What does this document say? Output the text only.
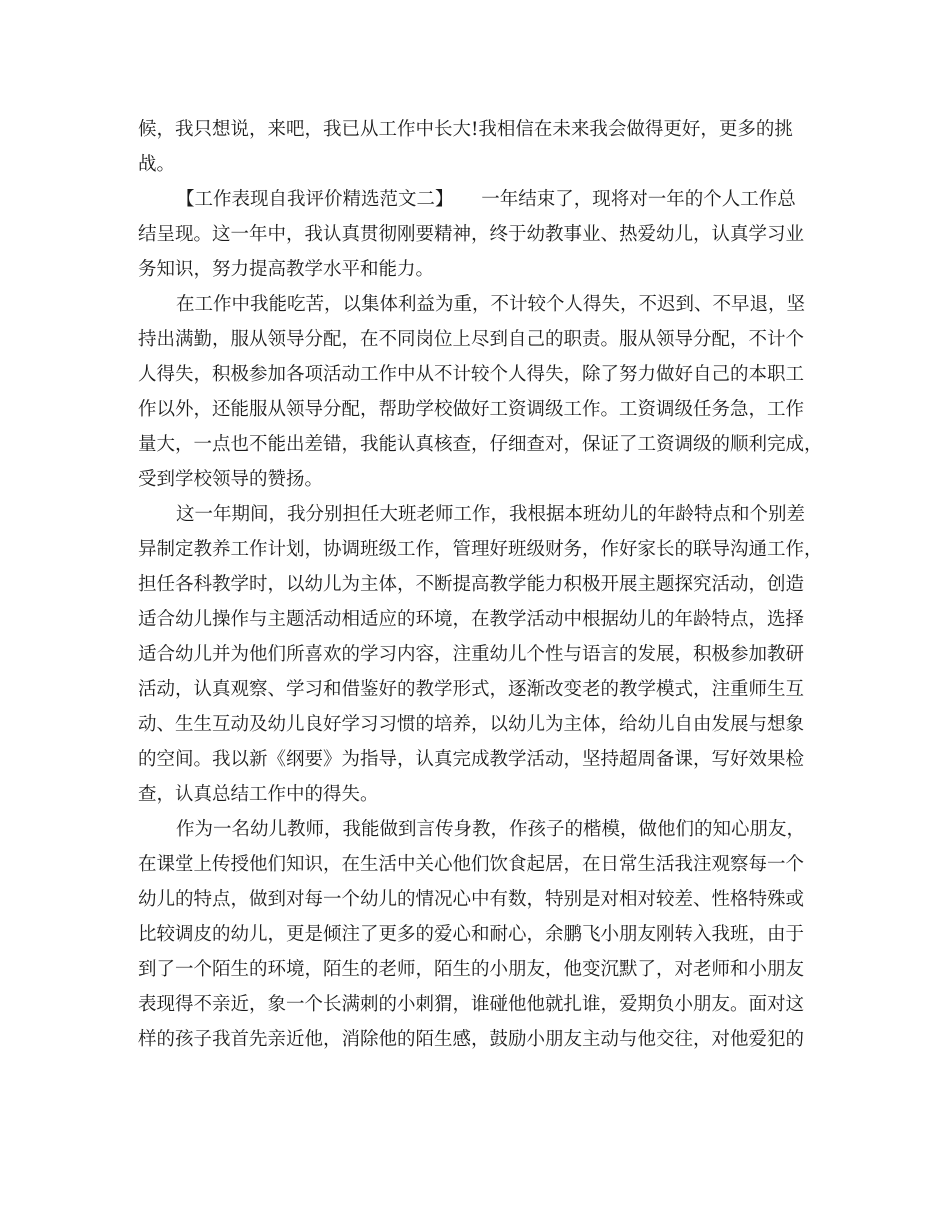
候，我只想说，来吧，我已从工作中长大!我相信在未来我会做得更好，更多的挑
战。
【工作表现自我评价精选范文二】　　一年结束了，现将对一年的个人工作总
结呈现。这一年中，我认真贯彻刚要精神，终于幼教事业、热爱幼儿，认真学习业
务知识，努力提高教学水平和能力。
在工作中我能吃苦，以集体利益为重，不计较个人得失，不迟到、不早退，坚
持出满勤，服从领导分配，在不同岗位上尽到自己的职责。服从领导分配，不计个
人得失，积极参加各项活动工作中从不计较个人得失，除了努力做好自己的本职工
作以外，还能服从领导分配，帮助学校做好工资调级工作。工资调级任务急，工作
量大，一点也不能出差错，我能认真核查，仔细查对，保证了工资调级的顺利完成，
受到学校领导的赞扬。
这一年期间，我分别担任大班老师工作，我根据本班幼儿的年龄特点和个别差
异制定教养工作计划，协调班级工作，管理好班级财务，作好家长的联导沟通工作，
担任各科教学时，以幼儿为主体，不断提高教学能力积极开展主题探究活动，创造
适合幼儿操作与主题活动相适应的环境，在教学活动中根据幼儿的年龄特点，选择
适合幼儿并为他们所喜欢的学习内容，注重幼儿个性与语言的发展，积极参加教研
活动，认真观察、学习和借鉴好的教学形式，逐渐改变老的教学模式，注重师生互
动、生生互动及幼儿良好学习习惯的培养，以幼儿为主体，给幼儿自由发展与想象
的空间。我以新《纲要》为指导，认真完成教学活动，坚持超周备课，写好效果检
查，认真总结工作中的得失。
作为一名幼儿教师，我能做到言传身教，作孩子的楷模，做他们的知心朋友，
在课堂上传授他们知识，在生活中关心他们饮食起居，在日常生活我注观察每一个
幼儿的特点，做到对每一个幼儿的情况心中有数，特别是对相对较差、性格特殊或
比较调皮的幼儿，更是倾注了更多的爱心和耐心，余鹏飞小朋友刚转入我班，由于
到了一个陌生的环境，陌生的老师，陌生的小朋友，他变沉默了，对老师和小朋友
表现得不亲近，象一个长满刺的小刺猬，谁碰他他就扎谁，爱期负小朋友。面对这
样的孩子我首先亲近他，消除他的陌生感，鼓励小朋友主动与他交往，对他爱犯的
